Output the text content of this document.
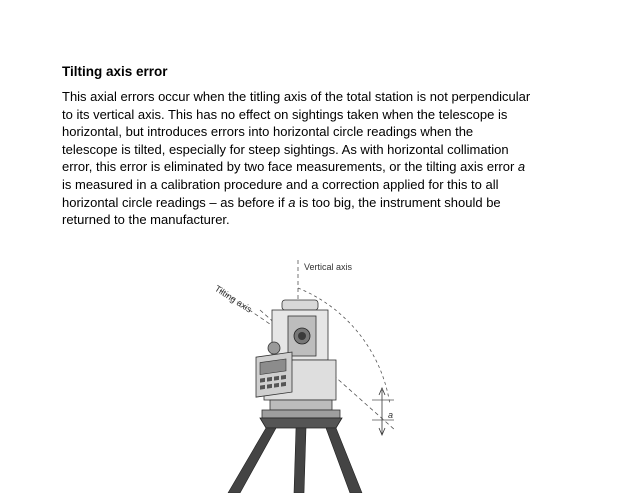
Tilting axis error

This axial errors occur when the titling axis of the total station is not perpendicular
to its vertical axis. This has no effect on sightings taken when the telescope is
horizontal, but introduces errors into horizontal circle readings when the
telescope is tilted, especially for steep sightings. As with horizontal collimation
error, this error is eliminated by two face measurements, or the tilting axis error a
is measured in a calibration procedure and a correction applied for this to all
horizontal circle readings – as before if a is too big, the instrument should be
returned to the manufacturer.

Vertical axis
Tilting axis
a
